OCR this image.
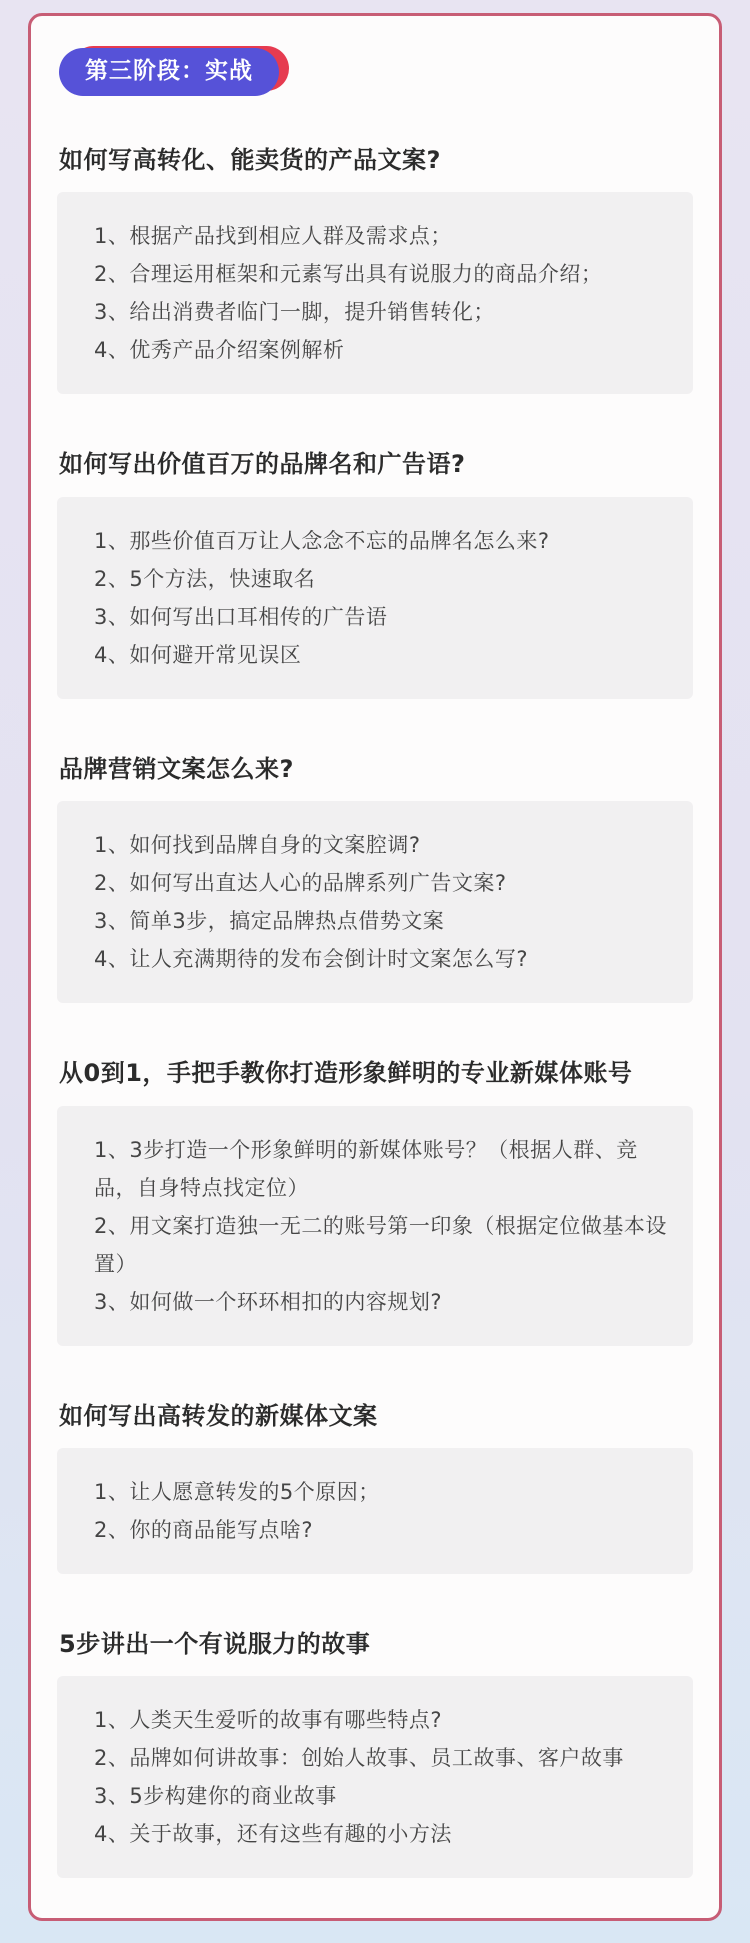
第三阶段：实战
如何写高转化、能卖货的产品文案?

1、根据产品找到相应人群及需求点；

2、合理运用框架和元素写出具有说服力的商品介绍；

3、给出消费者临门一脚，提升销售转化；

4、优秀产品介绍案例解析

如何写出价值百万的品牌名和广告语?

1、那些价值百万让人念念不忘的品牌名怎么来?

2、5个方法，快速取名

3、如何写出口耳相传的广告语

4、如何避开常见误区

品牌营销文案怎么来?

1、如何找到品牌自身的文案腔调?

2、如何写出直达人心的品牌系列广告文案?

3、简单3步，搞定品牌热点借势文案

4、让人充满期待的发布会倒计时文案怎么写?

从0到1，手把手教你打造形象鲜明的专业新媒体账号

1、3步打造一个形象鲜明的新媒体账号？（根据人群、竞品，自身特点找定位）

2、用文案打造独一无二的账号第一印象（根据定位做基本设置）

3、如何做一个环环相扣的内容规划?

如何写出高转发的新媒体文案

1、让人愿意转发的5个原因；

2、你的商品能写点啥?

5步讲出一个有说服力的故事

1、人类天生爱听的故事有哪些特点?

2、品牌如何讲故事：创始人故事、员工故事、客户故事

3、5步构建你的商业故事

4、关于故事，还有这些有趣的小方法
